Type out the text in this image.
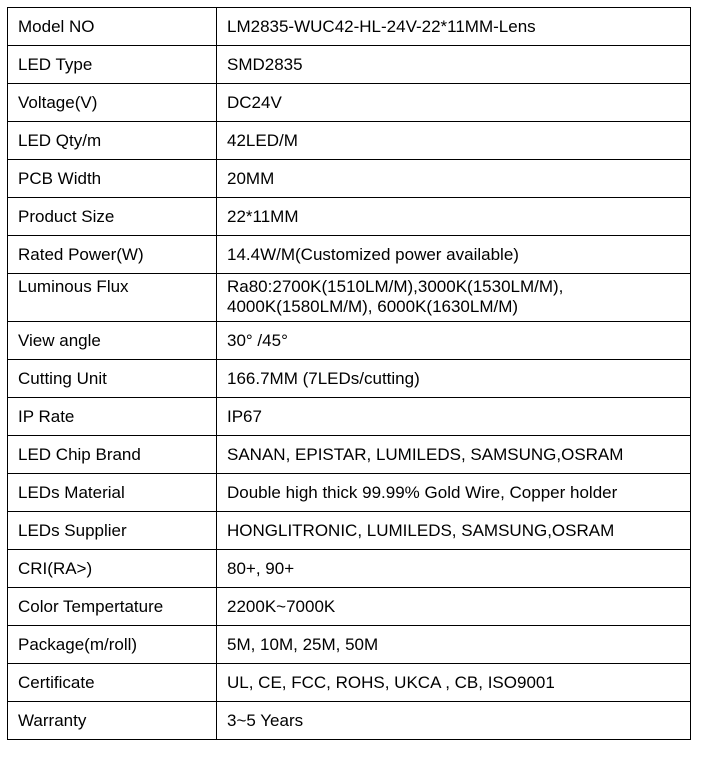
Model NO	LM2835-WUC42-HL-24V-22*11MM-Lens
LED Type	SMD2835
Voltage(V)	DC24V
LED Qty/m	42LED/M
PCB Width	20MM
Product Size	22*11MM
Rated Power(W)	14.4W/M(Customized power available)
Luminous Flux	Ra80:2700K(1510LM/M),3000K(1530LM/M),
4000K(1580LM/M), 6000K(1630LM/M)

View angle	30° /45°
Cutting Unit	166.7MM (7LEDs/cutting)
IP Rate	IP67
LED Chip Brand	SANAN, EPISTAR, LUMILEDS, SAMSUNG,OSRAM
LEDs Material	Double high thick 99.99% Gold Wire, Copper holder
LEDs Supplier	HONGLITRONIC, LUMILEDS, SAMSUNG,OSRAM
CRI(RA>)	80+, 90+
Color Tempertature	2200K~7000K
Package(m/roll)	5M, 10M, 25M, 50M
Certificate	UL, CE, FCC, ROHS, UKCA , CB, ISO9001
Warranty	3~5 Years
